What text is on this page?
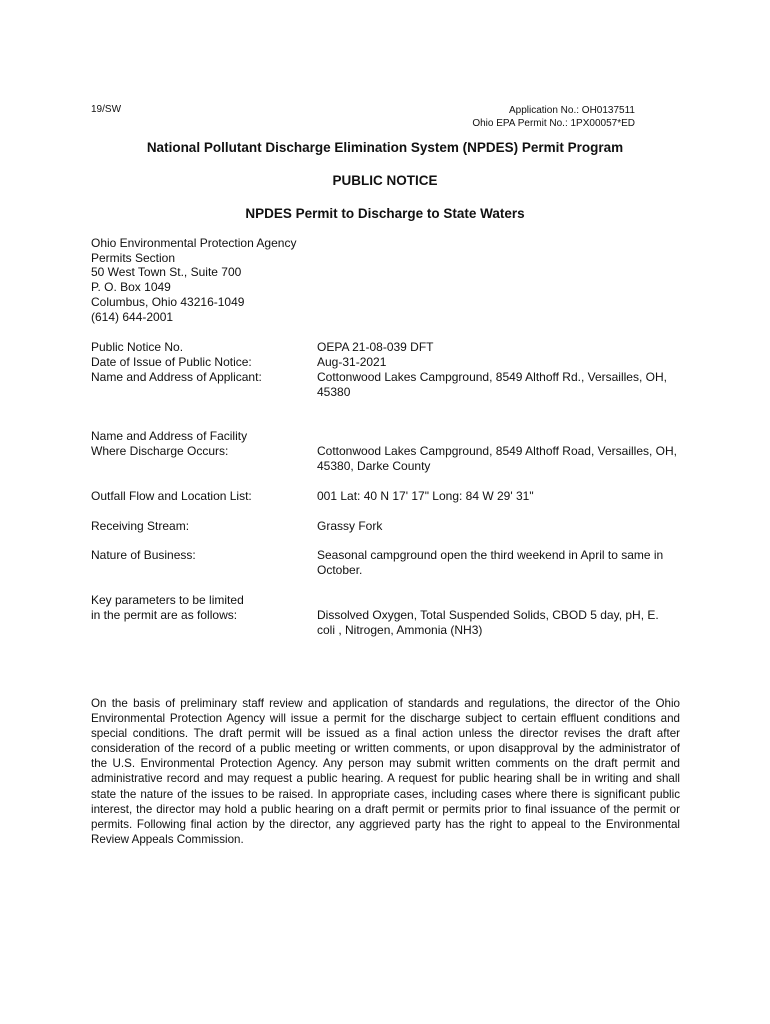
19/SW	Application No.: OH0137511
Ohio EPA Permit No.: 1PX00057*ED
National Pollutant Discharge Elimination System (NPDES) Permit Program
PUBLIC NOTICE
NPDES Permit to Discharge to State Waters
Ohio Environmental Protection Agency
Permits Section
50 West Town St., Suite 700
P. O. Box 1049
Columbus, Ohio 43216-1049
(614) 644-2001
Public Notice No.	OEPA 21-08-039 DFT
Date of Issue of Public Notice:	Aug-31-2021
Name and Address of Applicant:	Cottonwood Lakes Campground, 8549 Althoff Rd., Versailles, OH, 45380
Name and Address of Facility
Where Discharge Occurs:	Cottonwood Lakes Campground, 8549 Althoff Road, Versailles, OH, 45380, Darke County
Outfall Flow and Location List:	001 Lat: 40 N 17' 17" Long: 84 W 29' 31"
Receiving Stream:	Grassy Fork
Nature of Business:	Seasonal campground open the third weekend in April to same in October.
Key parameters to be limited
in the permit are as follows:	Dissolved Oxygen, Total Suspended Solids, CBOD 5 day, pH, E. coli , Nitrogen, Ammonia (NH3)
On the basis of preliminary staff review and application of standards and regulations, the director of the Ohio Environmental Protection Agency will issue a permit for the discharge subject to certain effluent conditions and special conditions. The draft permit will be issued as a final action unless the director revises the draft after consideration of the record of a public meeting or written comments, or upon disapproval by the administrator of the U.S. Environmental Protection Agency. Any person may submit written comments on the draft permit and administrative record and may request a public hearing. A request for public hearing shall be in writing and shall state the nature of the issues to be raised. In appropriate cases, including cases where there is significant public interest, the director may hold a public hearing on a draft permit or permits prior to final issuance of the permit or permits. Following final action by the director, any aggrieved party has the right to appeal to the Environmental Review Appeals Commission.
